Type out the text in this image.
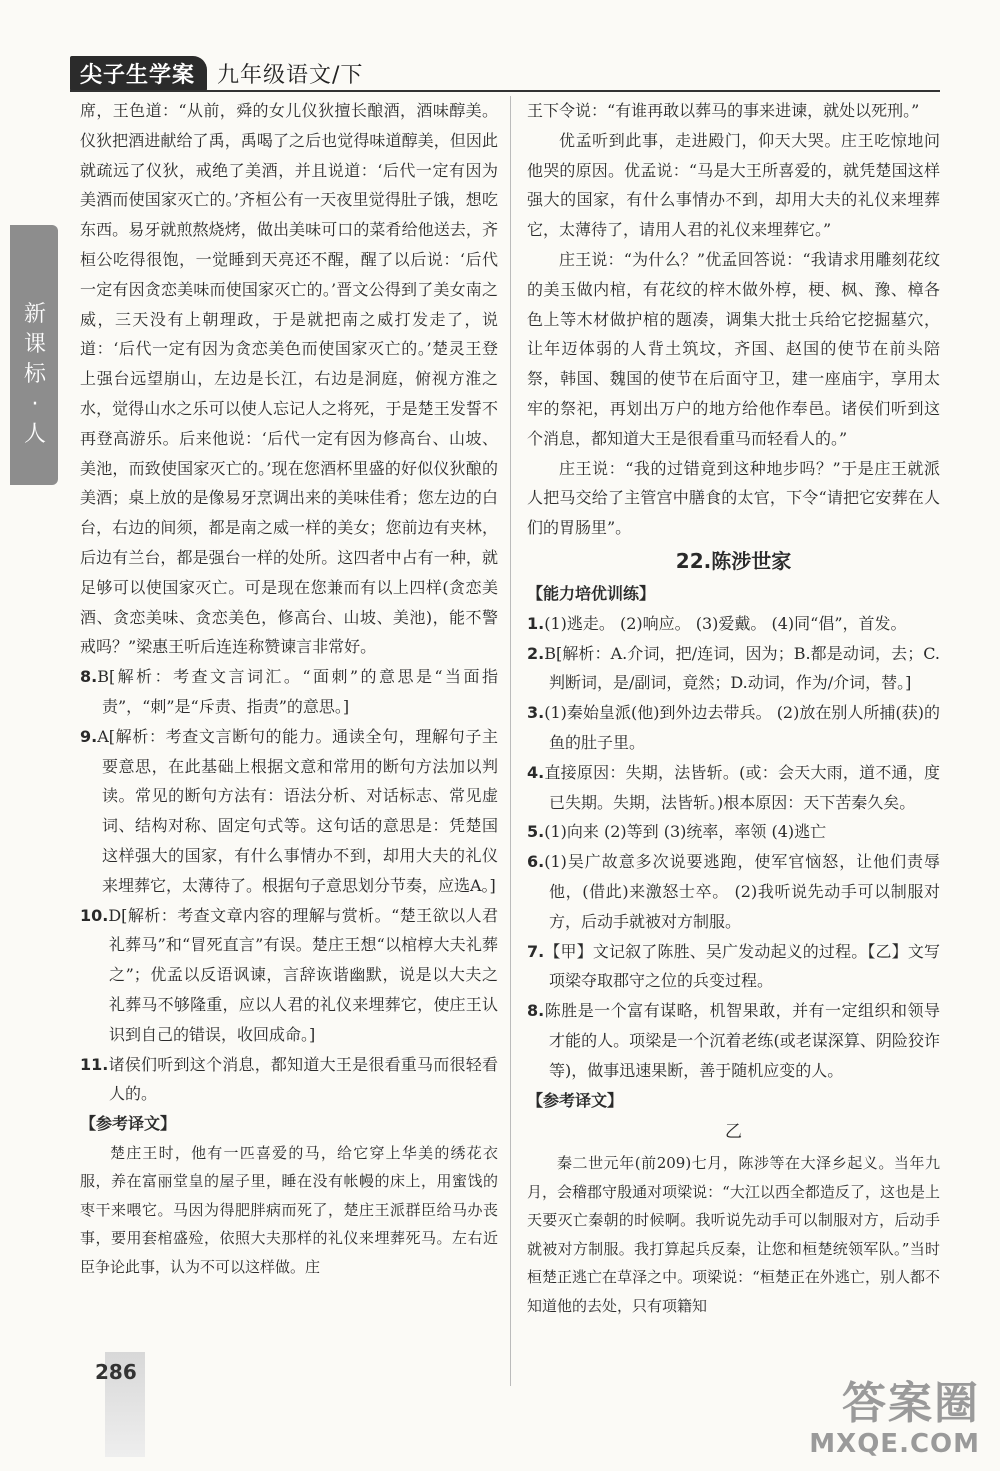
尖子生学案	九年级语文/下
新课标·人

席，王色道：“从前，舜的女儿仪狄擅长酿酒，酒味醇美。仪狄把酒进献给了禹，禹喝了之后也觉得味道醇美，但因此就疏远了仪狄，戒绝了美酒，并且说道：‘后代一定有因为美酒而使国家灭亡的。’齐桓公有一天夜里觉得肚子饿，想吃东西。易牙就煎熬烧烤，做出美味可口的菜肴给他送去，齐桓公吃得很饱，一觉睡到天亮还不醒，醒了以后说：‘后代一定有因贪恋美味而使国家灭亡的。’晋文公得到了美女南之威，三天没有上朝理政，于是就把南之威打发走了，说道：‘后代一定有因为贪恋美色而使国家灭亡的。’楚灵王登上强台远望崩山，左边是长江，右边是洞庭，俯视方淮之水，觉得山水之乐可以使人忘记人之将死，于是楚王发誓不再登高游乐。后来他说：‘后代一定有因为修高台、山坡、美池，而致使国家灭亡的。’现在您酒杯里盛的好似仪狄酿的美酒；桌上放的是像易牙烹调出来的美味佳肴；您左边的白台，右边的间须，都是南之威一样的美女；您前边有夹林，后边有兰台，都是强台一样的处所。这四者中占有一种，就足够可以使国家灭亡。可是现在您兼而有以上四样(贪恋美酒、贪恋美味、贪恋美色，修高台、山坡、美池)，能不警戒吗？”梁惠王听后连连称赞谏言非常好。

8.B[解析：考查文言词汇。“面刺”的意思是“当面指责”，“刺”是“斥责、指责”的意思。]

9.A[解析：考查文言断句的能力。通读全句，理解句子主要意思，在此基础上根据文意和常用的断句方法加以判读。常见的断句方法有：语法分析、对话标志、常见虚词、结构对称、固定句式等。这句话的意思是：凭楚国这样强大的国家，有什么事情办不到，却用大夫的礼仪来埋葬它，太薄待了。根据句子意思划分节奏，应选A。]

10.D[解析：考查文章内容的理解与赏析。“楚王欲以人君礼葬马”和“冒死直言”有误。楚庄王想“以棺椁大夫礼葬之”；优孟以反语讽谏，言辞诙谐幽默，说是以大夫之礼葬马不够隆重，应以人君的礼仪来埋葬它，使庄王认识到自己的错误，收回成命。]

11.诸侯们听到这个消息，都知道大王是很看重马而很轻看人的。

【参考译文】

楚庄王时，他有一匹喜爱的马，给它穿上华美的绣花衣服，养在富丽堂皇的屋子里，睡在没有帐幔的床上，用蜜饯的枣干来喂它。马因为得肥胖病而死了，楚庄王派群臣给马办丧事，要用套棺盛殓，依照大夫那样的礼仪来埋葬死马。左右近臣争论此事，认为不可以这样做。庄

王下令说：“有谁再敢以葬马的事来进谏，就处以死刑。”

优孟听到此事，走进殿门，仰天大哭。庄王吃惊地问他哭的原因。优孟说：“马是大王所喜爱的，就凭楚国这样强大的国家，有什么事情办不到，却用大夫的礼仪来埋葬它，太薄待了，请用人君的礼仪来埋葬它。”

庄王说：“为什么？”优孟回答说：“我请求用雕刻花纹的美玉做内棺，有花纹的梓木做外椁，梗、枫、豫、樟各色上等木材做护棺的题凑，调集大批士兵给它挖掘墓穴，让年迈体弱的人背土筑坟，齐国、赵国的使节在前头陪祭，韩国、魏国的使节在后面守卫，建一座庙宇，享用太牢的祭祀，再划出万户的地方给他作奉邑。诸侯们听到这个消息，都知道大王是很看重马而轻看人的。”

庄王说：“我的过错竟到这种地步吗？”于是庄王就派人把马交给了主管宫中膳食的太官，下令“请把它安葬在人们的胃肠里”。

22.陈涉世家

【能力培优训练】

1.(1)逃走。 (2)响应。 (3)爱戴。 (4)同“倡”，首发。

2.B[解析：A.介词，把/连词，因为；B.都是动词，去；C.判断词，是/副词，竟然；D.动词，作为/介词，替。]

3.(1)秦始皇派(他)到外边去带兵。 (2)放在别人所捕(获)的鱼的肚子里。

4.直接原因：失期，法皆斩。(或：会天大雨，道不通，度已失期。失期，法皆斩。)根本原因：天下苦秦久矣。

5.(1)向来 (2)等到 (3)统率，率领 (4)逃亡

6.(1)吴广故意多次说要逃跑，使军官恼怒，让他们责辱他，(借此)来激怒士卒。 (2)我听说先动手可以制服对方，后动手就被对方制服。

7.【甲】文记叙了陈胜、吴广发动起义的过程。【乙】文写项梁夺取郡守之位的兵变过程。

8.陈胜是一个富有谋略，机智果敢，并有一定组织和领导才能的人。项梁是一个沉着老练(或老谋深算、阴险狡诈等)，做事迅速果断，善于随机应变的人。

【参考译文】

乙

秦二世元年(前209)七月，陈涉等在大泽乡起义。当年九月，会稽郡守殷通对项梁说：“大江以西全都造反了，这也是上天要灭亡秦朝的时候啊。我听说先动手可以制服对方，后动手就被对方制服。我打算起兵反秦，让您和桓楚统领军队。”当时桓楚正逃亡在草泽之中。项梁说：“桓楚正在外逃亡，别人都不知道他的去处，只有项籍知

286
答案圈
MXQE.COM
